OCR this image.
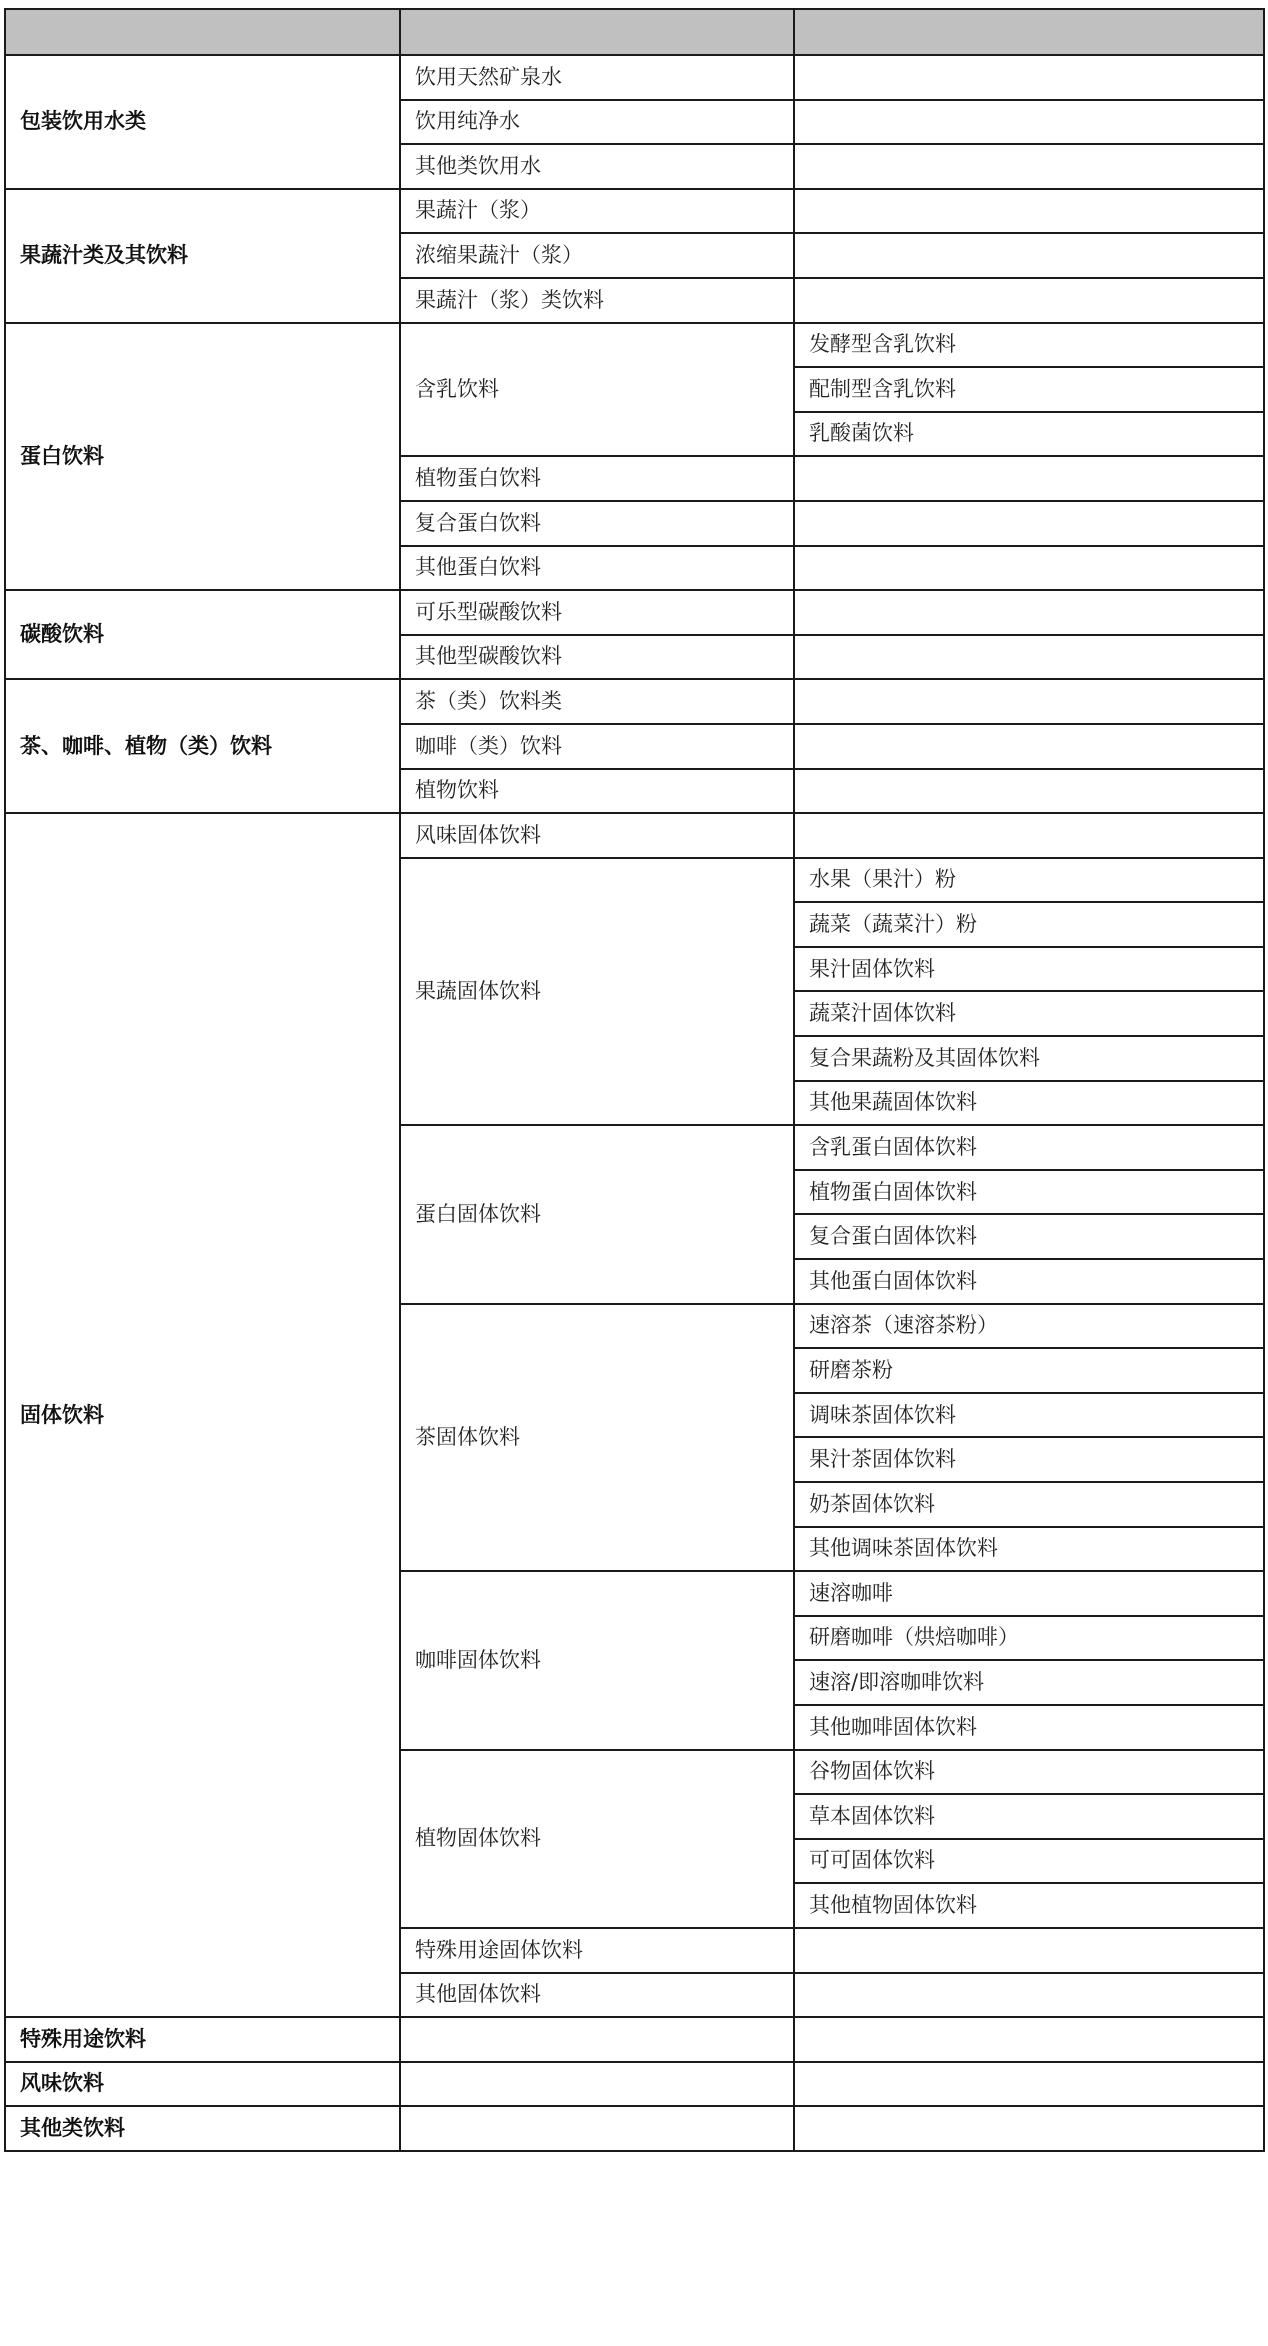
包装饮用水类	饮用天然矿泉水	
	饮用纯净水	
	其他类饮用水	
果蔬汁类及其饮料	果蔬汁（浆）	
	浓缩果蔬汁（浆）	
	果蔬汁（浆）类饮料	
蛋白饮料	含乳饮料	发酵型含乳饮料
		配制型含乳饮料
		乳酸菌饮料
	植物蛋白饮料	
	复合蛋白饮料	
	其他蛋白饮料	
碳酸饮料	可乐型碳酸饮料	
	其他型碳酸饮料	
茶、咖啡、植物（类）饮料	茶（类）饮料类	
	咖啡（类）饮料	
	植物饮料	
固体饮料	风味固体饮料	
	果蔬固体饮料	水果（果汁）粉
		蔬菜（蔬菜汁）粉
		果汁固体饮料
		蔬菜汁固体饮料
		复合果蔬粉及其固体饮料
		其他果蔬固体饮料
	蛋白固体饮料	含乳蛋白固体饮料
		植物蛋白固体饮料
		复合蛋白固体饮料
		其他蛋白固体饮料
	茶固体饮料	速溶茶（速溶茶粉）
		研磨茶粉
		调味茶固体饮料
		果汁茶固体饮料
		奶茶固体饮料
		其他调味茶固体饮料
	咖啡固体饮料	速溶咖啡
		研磨咖啡（烘焙咖啡）
		速溶/即溶咖啡饮料
		其他咖啡固体饮料
	植物固体饮料	谷物固体饮料
		草本固体饮料
		可可固体饮料
		其他植物固体饮料
	特殊用途固体饮料	
	其他固体饮料	
特殊用途饮料		
风味饮料		
其他类饮料		
